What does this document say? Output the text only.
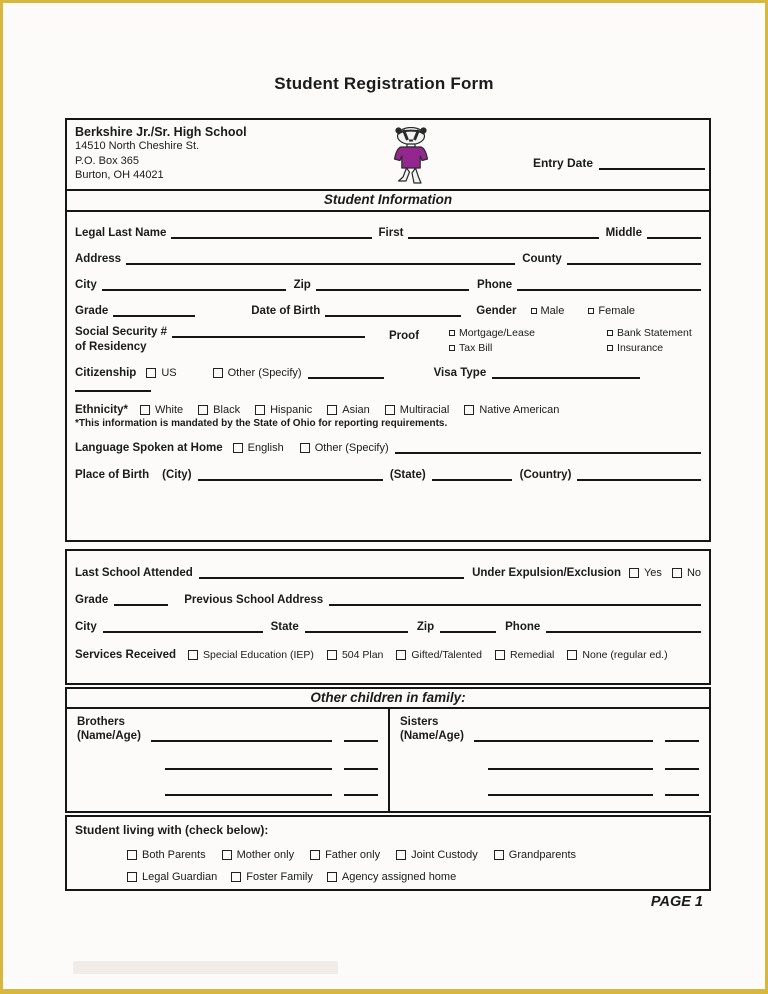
Student Registration Form
Berkshire Jr./Sr. High School
14510 North Cheshire St.
P.O. Box 365
Burton, OH 44021
Entry Date
Student Information
Legal Last Name	First	Middle
Address	County
City	Zip	Phone
Grade	Date of Birth	Gender Male	Female
Social Security #
of Residency
Proof	Mortgage/Lease	Bank Statement
Tax Bill	Insurance
Citizenship US	Other (Specify)	Visa Type
Ethnicity* White	Black	Hispanic	Asian	Multiracial	Native American
*This information is mandated by the State of Ohio for reporting requirements.
Language Spoken at Home English	Other (Specify)
Place of Birth (City)	(State)	(Country)
Last School Attended	Under Expulsion/Exclusion Yes No
Grade	Previous School Address
City	State	Zip	Phone
Services Received	Special Education (IEP)	504 Plan	Gifted/Talented	Remedial	None (regular ed.)
Other children in family:
Brothers
(Name/Age)
Sisters
(Name/Age)
Student living with (check below):
Both Parents	Mother only	Father only	Joint Custody	Grandparents
Legal Guardian	Foster Family	Agency assigned home
PAGE 1
